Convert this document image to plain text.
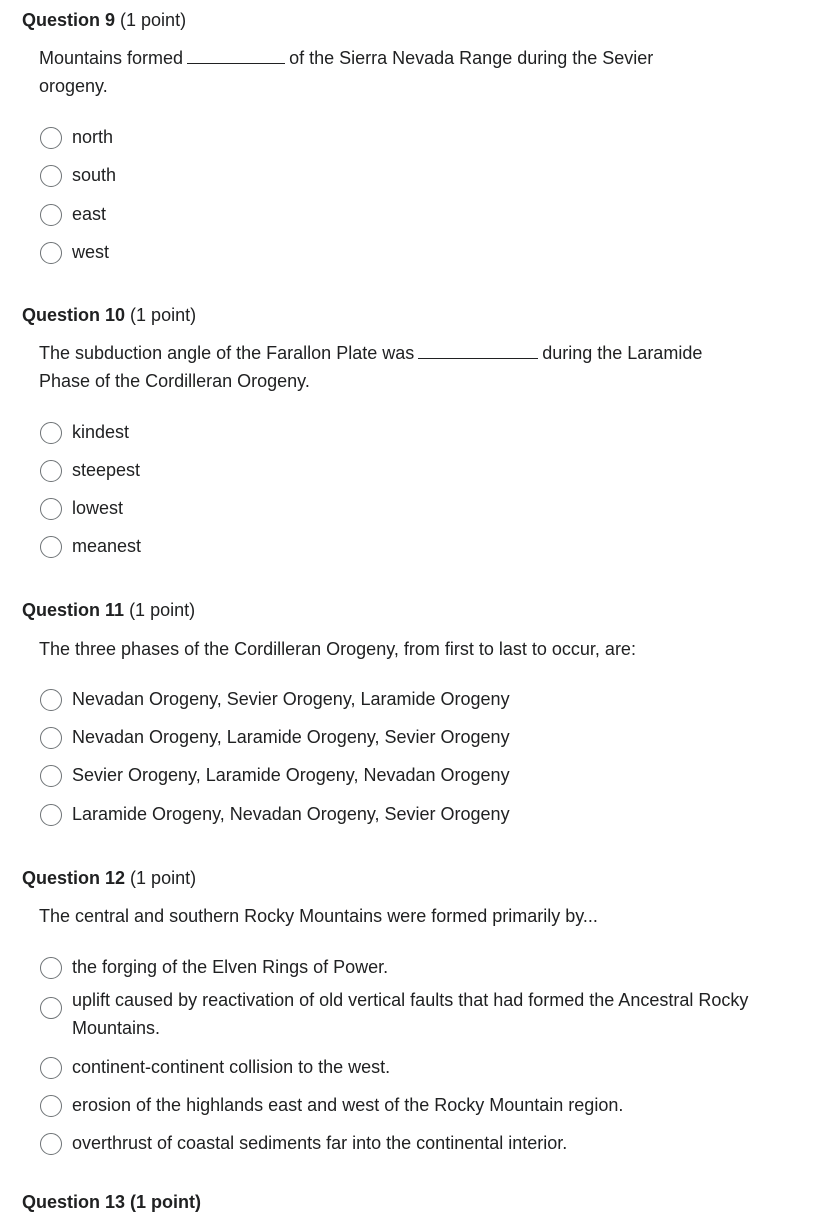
Question 9 (1 point)
Mountains formed	of the Sierra Nevada Range during the Sevier
orogeny.
north
south
east
west
Question 10 (1 point)
The subduction angle of the Farallon Plate was	during the Laramide
Phase of the Cordilleran Orogeny.
kindest
steepest
lowest
meanest
Question 11 (1 point)
The three phases of the Cordilleran Orogeny, from first to last to occur, are:
Nevadan Orogeny, Sevier Orogeny, Laramide Orogeny
Nevadan Orogeny, Laramide Orogeny, Sevier Orogeny
Sevier Orogeny, Laramide Orogeny, Nevadan Orogeny
Laramide Orogeny, Nevadan Orogeny, Sevier Orogeny
Question 12 (1 point)
The central and southern Rocky Mountains were formed primarily by...
the forging of the Elven Rings of Power.
uplift caused by reactivation of old vertical faults that had formed the Ancestral Rocky Mountains.
continent-continent collision to the west.
erosion of the highlands east and west of the Rocky Mountain region.
overthrust of coastal sediments far into the continental interior.
Question 13 (1 point)
